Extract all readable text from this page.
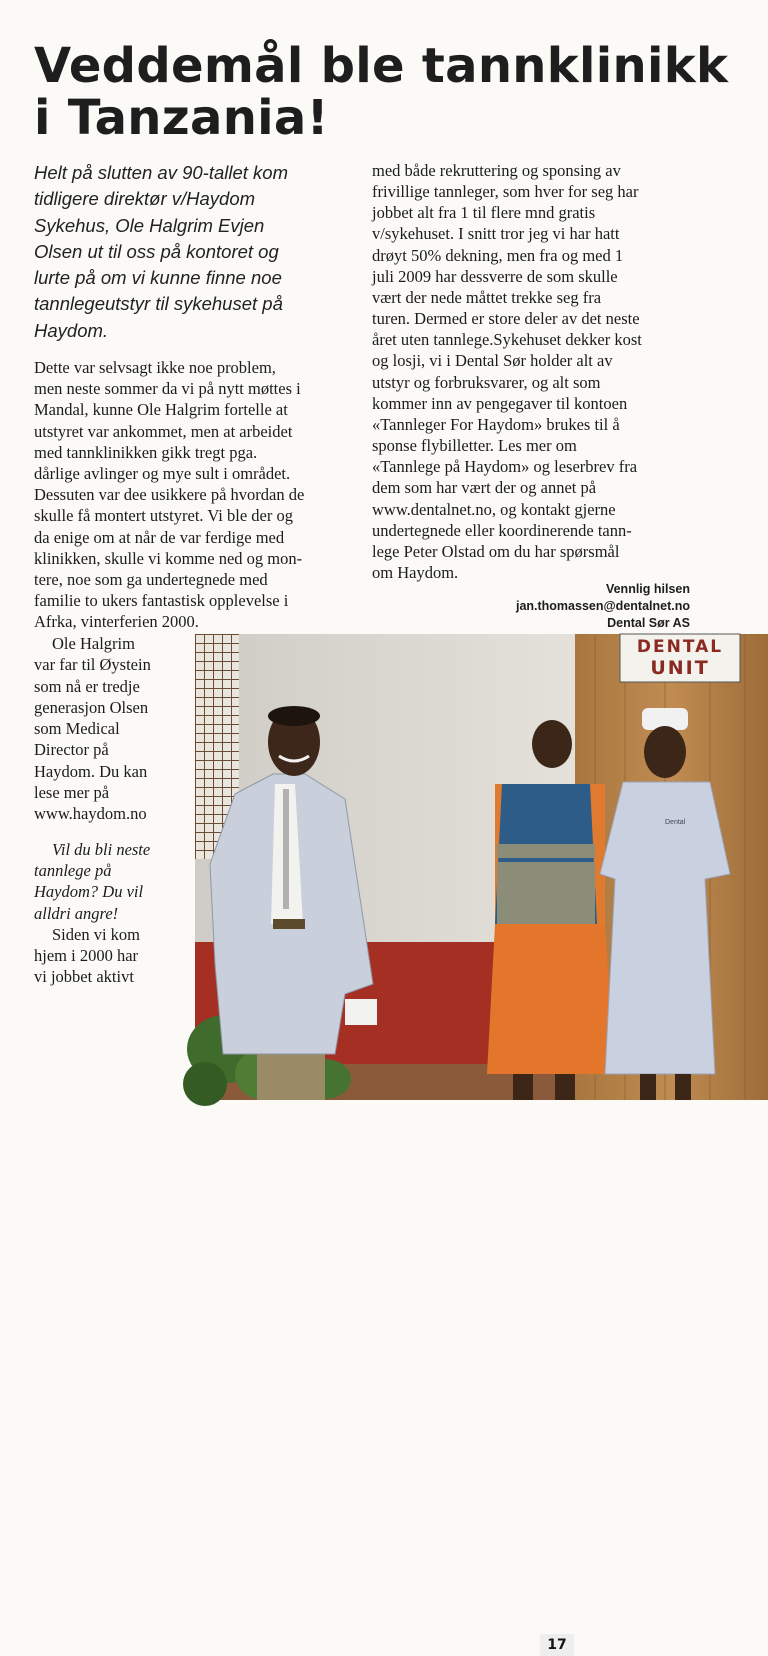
Veddemål ble tannklinikk
i Tanzania!
Helt på slutten av 90-tallet kom
tidligere direktør v/Haydom
Sykehus, Ole Halgrim Evjen
Olsen ut til oss på kontoret og
lurte på om vi kunne finne noe
tannlegeutstyr til sykehuset på
Haydom.
Dette var selvsagt ikke noe problem,
men neste sommer da vi på nytt møttes i
Mandal, kunne Ole Halgrim fortelle at
utstyret var ankommet, men at arbeidet
med tannklinikken gikk tregt pga.
dårlige avlinger og mye sult i området.
Dessuten var dee usikkere på hvordan de
skulle få montert utstyret. Vi ble der og
da enige om at når de var ferdige med
klinikken, skulle vi komme ned og mon-
tere, noe som ga undertegnede med
familie to ukers fantastisk opplevelse i
Afrka, vinterferien 2000.
med både rekruttering og sponsing av
frivillige tannleger, som hver for seg har
jobbet alt fra 1 til flere mnd gratis
v/sykehuset. I snitt tror jeg vi har hatt
drøyt 50% dekning, men fra og med 1
juli 2009 har dessverre de som skulle
vært der nede måttet trekke seg fra
turen. Dermed er store deler av det neste
året uten tannlege.Sykehuset dekker kost
og losji, vi i Dental Sør holder alt av
utstyr og forbruksvarer, og alt som
kommer inn av pengegaver til kontoen
«Tannleger For Haydom» brukes til å
sponse flybilletter. Les mer om
«Tannlege på Haydom» og leserbrev fra
dem som har vært der og annet på
www.dentalnet.no, og kontakt gjerne
undertegnede eller koordinerende tann-
lege Peter Olstad om du har spørsmål
om Haydom.
Vennlig hilsen
jan.thomassen@dentalnet.no
Dental Sør AS
Ole Halgrim
var far til Øystein
som nå er tredje
generasjon Olsen
som Medical
Director på
Haydom. Du kan
lese mer på
www.haydom.no
Vil du bli neste
tannlege på
Haydom? Du vil
alldri angre!
Siden vi kom
hjem i 2000 har
vi jobbet aktivt
DENTAL
UNIT
Dental
17
